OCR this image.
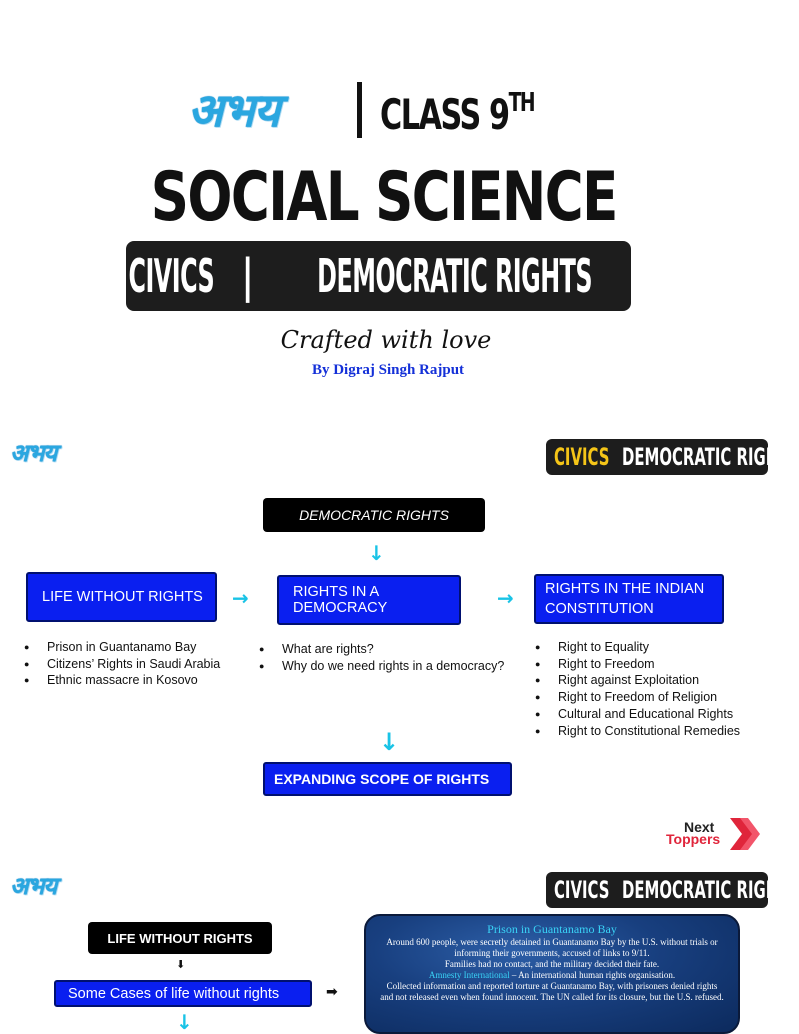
अभय CLASS 9TH
SOCIAL SCIENCE
CIVICS | DEMOCRATIC RIGHTS
Crafted with love
By Digraj Singh Rajput
अभय	CIVICS DEMOCRATIC RIGHTS
DEMOCRATIC RIGHTS
↓
LIFE WITHOUT RIGHTS	→	RIGHTS IN A DEMOCRACY	→	RIGHTS IN THE INDIAN CONSTITUTION
● Prison in Guantanamo Bay
● Citizens’ Rights in Saudi Arabia
● Ethnic massacre in Kosovo
● What are rights?
● Why do we need rights in a democracy?
● Right to Equality
● Right to Freedom
● Right against Exploitation
● Right to Freedom of Religion
● Cultural and Educational Rights
● Right to Constitutional Remedies
↓
EXPANDING SCOPE OF RIGHTS
Next
Toppers
अभय	CIVICS DEMOCRATIC RIGHTS
LIFE WITHOUT RIGHTS
⬇
Some Cases of life without rights	➡
↓
Prison in Guantanamo Bay
Around 600 people, were secretly detained in Guantanamo Bay by the U.S. without trials or informing their governments, accused of links to 9/11.
Families had no contact, and the military decided their fate.
Amnesty International – An international human rights organisation.
Collected information and reported torture at Guantanamo Bay, with prisoners denied rights and not released even when found innocent. The UN called for its closure, but the U.S. refused.
